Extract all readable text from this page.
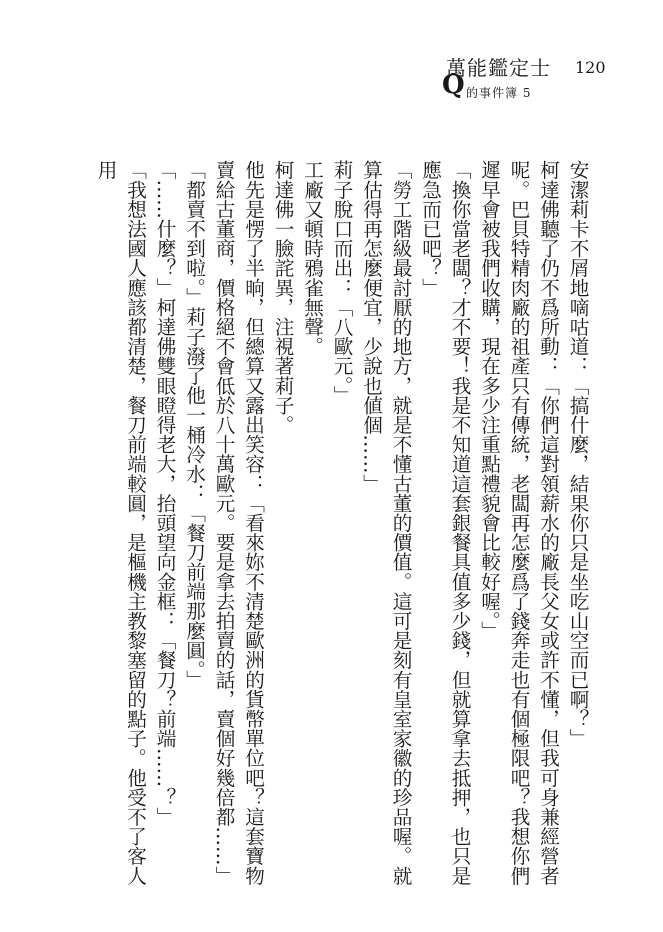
萬能鑑定士
Q 的事件簿 5
120

安潔莉卡不屑地嘀咕道：「搞什麼，結果你只是坐吃山空而已啊？」

柯達佛聽了仍不爲所動：「你們這對領薪水的廠長父女或許不懂，但我可身兼經營者呢。巴貝特精肉廠的祖產只有傳統，老闆再怎麼爲了錢奔走也有個極限吧？我想你們遲早會被我們收購，現在多少注重點禮貌會比較好喔。」

「換你當老闆？才不要！我是不知道這套銀餐具值多少錢，但就算拿去抵押，也只是應急而已吧？」

「勞工階級最討厭的地方，就是不懂古董的價值。這可是刻有皇室家徽的珍品喔。就算估得再怎麼便宜，少說也値個……」

莉子脫口而出：「八歐元。」

工廠又頓時鴉雀無聲。

柯達佛一臉詫異，注視著莉子。

他先是愣了半晌，但總算又露出笑容：「看來妳不清楚歐洲的貨幣單位吧？這套寶物賣給古董商，價格絕不會低於八十萬歐元。要是拿去拍賣的話，賣個好幾倍都……」

「都賣不到啦。」莉子潑了他一桶冷水：「餐刀前端那麼圓。」

「……什麼？」柯達佛雙眼瞪得老大，抬頭望向金框：「餐刀？前端……？」

「我想法國人應該都清楚，餐刀前端較圓，是樞機主教黎塞留的點子。他受不了客人用
